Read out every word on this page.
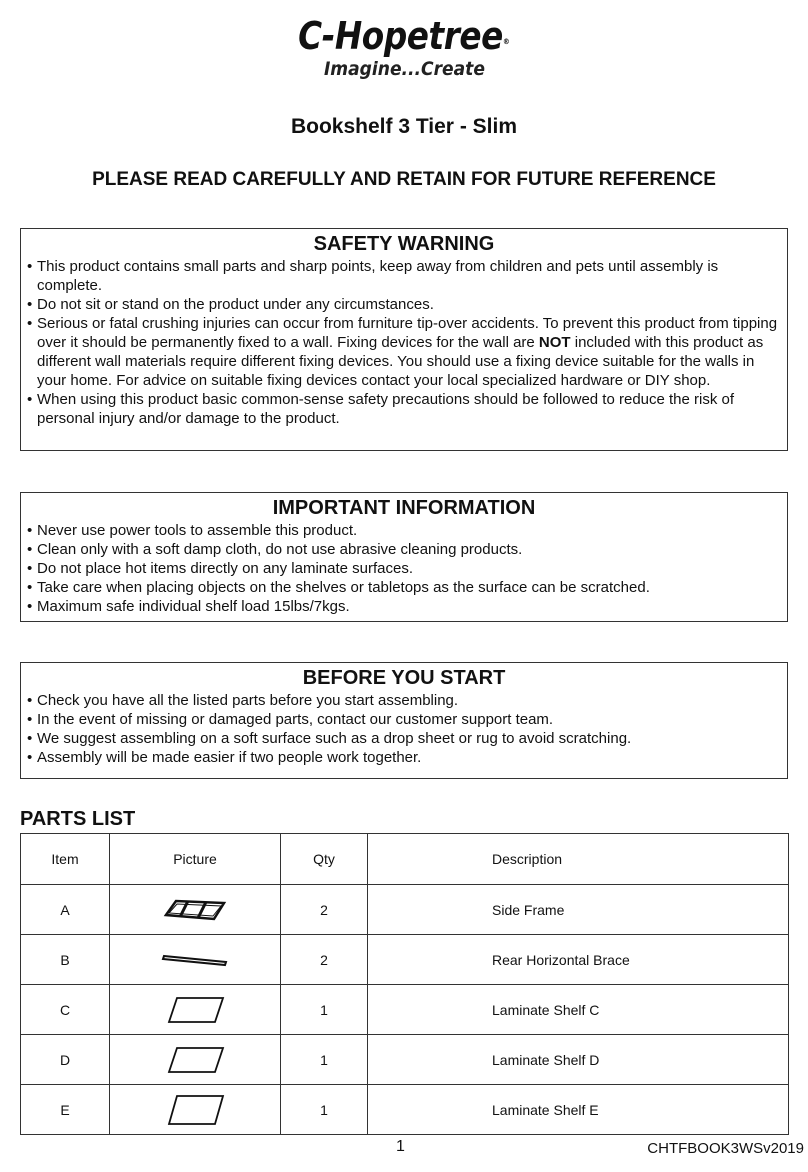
C-Hopetree®
Imagine...Create
Bookshelf 3 Tier - Slim
PLEASE READ CAREFULLY AND RETAIN FOR FUTURE REFERENCE
SAFETY WARNING
• This product contains small parts and sharp points, keep away from children and pets until assembly is complete.
• Do not sit or stand on the product under any circumstances.
• Serious or fatal crushing injuries can occur from furniture tip-over accidents. To prevent this product from tipping over it should be permanently fixed to a wall. Fixing devices for the wall are NOT included with this product as different wall materials require different fixing devices. You should use a fixing device suitable for the walls in your home. For advice on suitable fixing devices contact your local specialized hardware or DIY shop.
• When using this product basic common-sense safety precautions should be followed to reduce the risk of personal injury and/or damage to the product.
IMPORTANT INFORMATION
• Never use power tools to assemble this product.
• Clean only with a soft damp cloth, do not use abrasive cleaning products.
• Do not place hot items directly on any laminate surfaces.
• Take care when placing objects on the shelves or tabletops as the surface can be scratched.
• Maximum safe individual shelf load 15lbs/7kgs.
BEFORE YOU START
• Check you have all the listed parts before you start assembling.
• In the event of missing or damaged parts, contact our customer support team.
• We suggest assembling on a soft surface such as a drop sheet or rug to avoid scratching.
• Assembly will be made easier if two people work together.
PARTS LIST
Item	Picture	Qty	Description
A		2	Side Frame
B		2	Rear Horizontal Brace
C		1	Laminate Shelf C
D		1	Laminate Shelf D
E		1	Laminate Shelf E
1	CHTFBOOK3WSv2019
